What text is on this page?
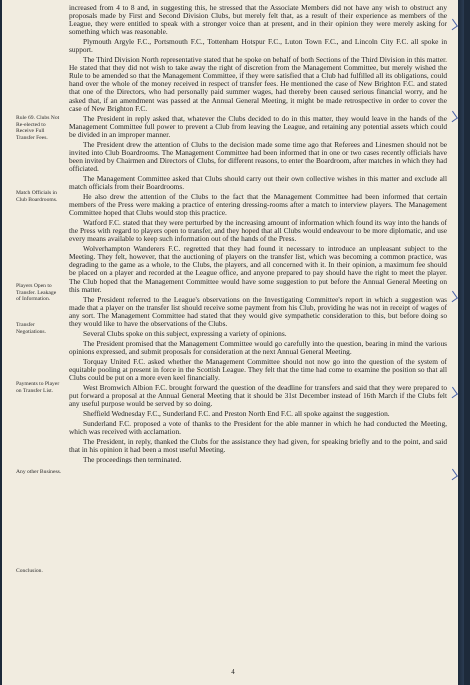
Rule 69. Clubs Not Re-elected to Receive Full Transfer Fees.
Match Officials in Club Boardrooms.
Players Open to Transfer. Leakage of Information.
Transfer Negotiations.
Payments to Player on Transfer List.
Any other Business.
Conclusion.

increased from 4 to 8 and, in suggesting this, he stressed that the Associate Members did not have any wish to obstruct any proposals made by First and Second Division Clubs, but merely felt that, as a result of their experience as members of the League, they were entitled to speak with a stronger voice than at present, and in their opinion they were merely asking for something which was reasonable.

Plymouth Argyle F.C., Portsmouth F.C., Tottenham Hotspur F.C., Luton Town F.C., and Lincoln City F.C. all spoke in support.

The Third Division North representative stated that he spoke on behalf of both Sections of the Third Division in this matter. He stated that they did not wish to take away the right of discretion from the Management Committee, but merely wished the Rule to be amended so that the Management Committee, if they were satisfied that a Club had fulfilled all its obligations, could hand over the whole of the money received in respect of transfer fees. He mentioned the case of New Brighton F.C. and stated that one of the Directors, who had personally paid summer wages, had thereby been caused serious financial worry, and he asked that, if an amendment was passed at the Annual General Meeting, it might be made retrospective in order to cover the case of New Brighton F.C.

The President in reply asked that, whatever the Clubs decided to do in this matter, they would leave in the hands of the Management Committee full power to prevent a Club from leaving the League, and retaining any potential assets which could be divided in an improper manner.

The President drew the attention of Clubs to the decision made some time ago that Referees and Linesmen should not be invited into Club Boardrooms. The Management Committee had been informed that in one or two cases recently officials have been invited by Chairmen and Directors of Clubs, for different reasons, to enter the Boardroom, after matches in which they had officiated.

The Management Committee asked that Clubs should carry out their own collective wishes in this matter and exclude all match officials from their Boardrooms.

He also drew the attention of the Clubs to the fact that the Management Committee had been informed that certain members of the Press were making a practice of entering dressing-rooms after a match to interview players. The Management Committee hoped that Clubs would stop this practice.

Watford F.C. stated that they were perturbed by the increasing amount of information which found its way into the hands of the Press with regard to players open to transfer, and they hoped that all Clubs would endeavour to be more diplomatic, and use every means available to keep such information out of the hands of the Press.

Wolverhampton Wanderers F.C. regretted that they had found it necessary to introduce an unpleasant subject to the Meeting. They felt, however, that the auctioning of players on the transfer list, which was becoming a common practice, was degrading to the game as a whole, to the Clubs, the players, and all concerned with it. In their opinion, a maximum fee should be placed on a player and recorded at the League office, and anyone prepared to pay should have the right to meet the player. The Club hoped that the Management Committee would have some suggestion to put before the Annual General Meeting on this matter.

The President referred to the League's observations on the Investigating Committee's report in which a suggestion was made that a player on the transfer list should receive some payment from his Club, providing he was not in receipt of wages of any sort. The Management Committee had stated that they would give sympathetic consideration to this, but before doing so they would like to have the observations of the Clubs.

Several Clubs spoke on this subject, expressing a variety of opinions.

The President promised that the Management Committee would go carefully into the question, bearing in mind the various opinions expressed, and submit proposals for consideration at the next Annual General Meeting.

Torquay United F.C. asked whether the Management Committee should not now go into the question of the system of equitable pooling at present in force in the Scottish League. They felt that the time had come to examine the position so that all Clubs could be put on a more even keel financially.

West Bromwich Albion F.C. brought forward the question of the deadline for transfers and said that they were prepared to put forward a proposal at the Annual General Meeting that it should be 31st December instead of 16th March if the Clubs felt any useful purpose would be served by so doing.

Sheffield Wednesday F.C., Sunderland F.C. and Preston North End F.C. all spoke against the suggestion.

Sunderland F.C. proposed a vote of thanks to the President for the able manner in which he had conducted the Meeting, which was received with acclamation.

The President, in reply, thanked the Clubs for the assistance they had given, for speaking briefly and to the point, and said that in his opinion it had been a most useful Meeting.

The proceedings then terminated.

4
